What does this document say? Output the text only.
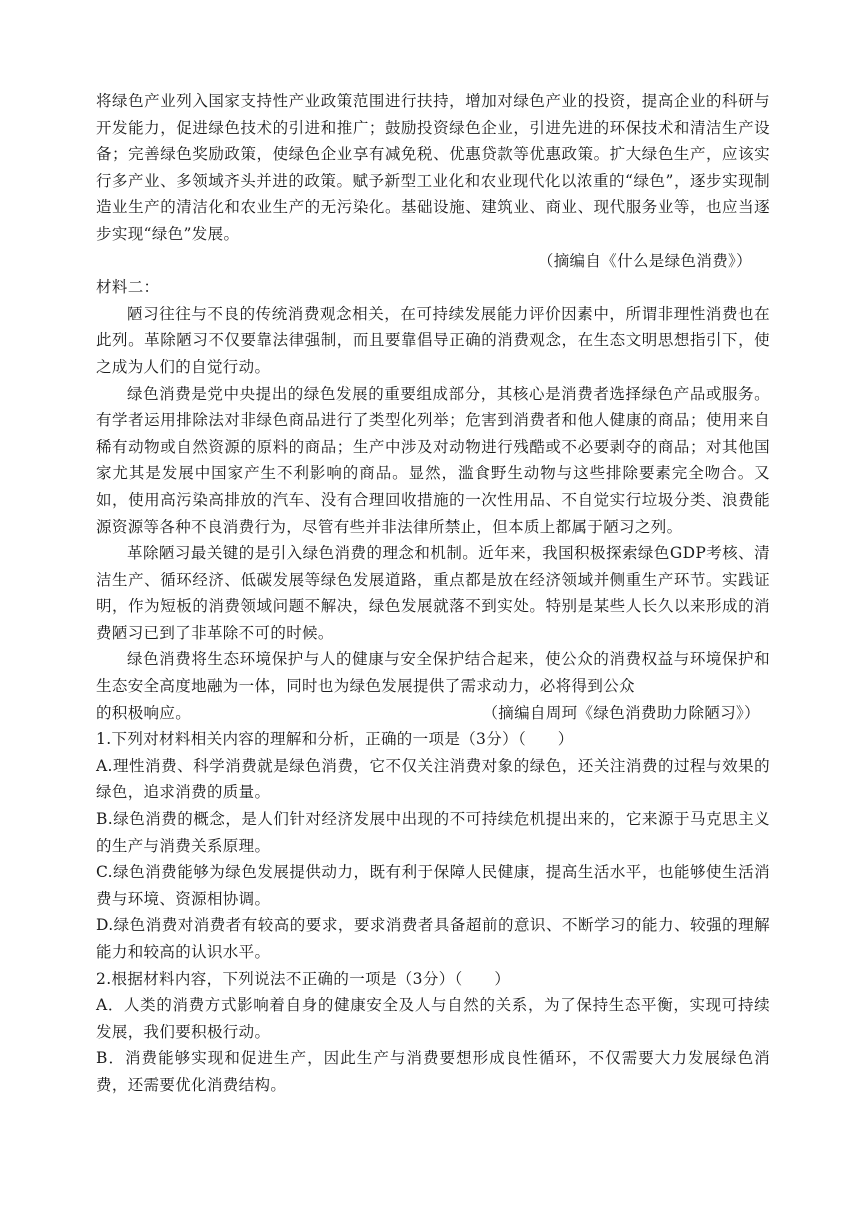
将绿色产业列入国家支持性产业政策范围进行扶持，增加对绿色产业的投资，提高企业的科研与开发能力，促进绿色技术的引进和推广；鼓励投资绿色企业，引进先进的环保技术和清洁生产设备；完善绿色奖励政策，使绿色企业享有减免税、优惠贷款等优惠政策。扩大绿色生产，应该实行多产业、多领域齐头并进的政策。赋予新型工业化和农业现代化以浓重的“绿色”，逐步实现制造业生产的清洁化和农业生产的无污染化。基础设施、建筑业、商业、现代服务业等，也应当逐步实现“绿色”发展。

（摘编自《什么是绿色消费》）

材料二：

陋习往往与不良的传统消费观念相关，在可持续发展能力评价因素中，所谓非理性消费也在此列。革除陋习不仅要靠法律强制，而且要靠倡导正确的消费观念，在生态文明思想指引下，使之成为人们的自觉行动。

绿色消费是党中央提出的绿色发展的重要组成部分，其核心是消费者选择绿色产品或服务。有学者运用排除法对非绿色商品进行了类型化列举；危害到消费者和他人健康的商品；使用来自稀有动物或自然资源的原料的商品；生产中涉及对动物进行残酷或不必要剥夺的商品；对其他国家尤其是发展中国家产生不利影响的商品。显然，滥食野生动物与这些排除要素完全吻合。又如，使用高污染高排放的汽车、没有合理回收措施的一次性用品、不自觉实行垃圾分类、浪费能源资源等各种不良消费行为，尽管有些并非法律所禁止，但本质上都属于陋习之列。

革除陋习最关键的是引入绿色消费的理念和机制。近年来，我国积极探索绿色GDP考核、清洁生产、循环经济、低碳发展等绿色发展道路，重点都是放在经济领域并侧重生产环节。实践证明，作为短板的消费领域问题不解决，绿色发展就落不到实处。特别是某些人长久以来形成的消费陋习已到了非革除不可的时候。

绿色消费将生态环境保护与人的健康与安全保护结合起来，使公众的消费权益与环境保护和生态安全高度地融为一体，同时也为绿色发展提供了需求动力，必将得到公众

的积极响应。	（摘编自周珂《绿色消费助力除陋习》）

1.下列对材料相关内容的理解和分析，正确的一项是（3分）（　　）

A.理性消费、科学消费就是绿色消费，它不仅关注消费对象的绿色，还关注消费的过程与效果的绿色，追求消费的质量。

B.绿色消费的概念，是人们针对经济发展中出现的不可持续危机提出来的，它来源于马克思主义的生产与消费关系原理。

C.绿色消费能够为绿色发展提供动力，既有利于保障人民健康，提高生活水平，也能够使生活消费与环境、资源相协调。

D.绿色消费对消费者有较高的要求，要求消费者具备超前的意识、不断学习的能力、较强的理解能力和较高的认识水平。

2.根据材料内容，下列说法不正确的一项是（3分）（　　）

A．人类的消费方式影响着自身的健康安全及人与自然的关系，为了保持生态平衡，实现可持续发展，我们要积极行动。

B．消费能够实现和促进生产，因此生产与消费要想形成良性循环，不仅需要大力发展绿色消费，还需要优化消费结构。
